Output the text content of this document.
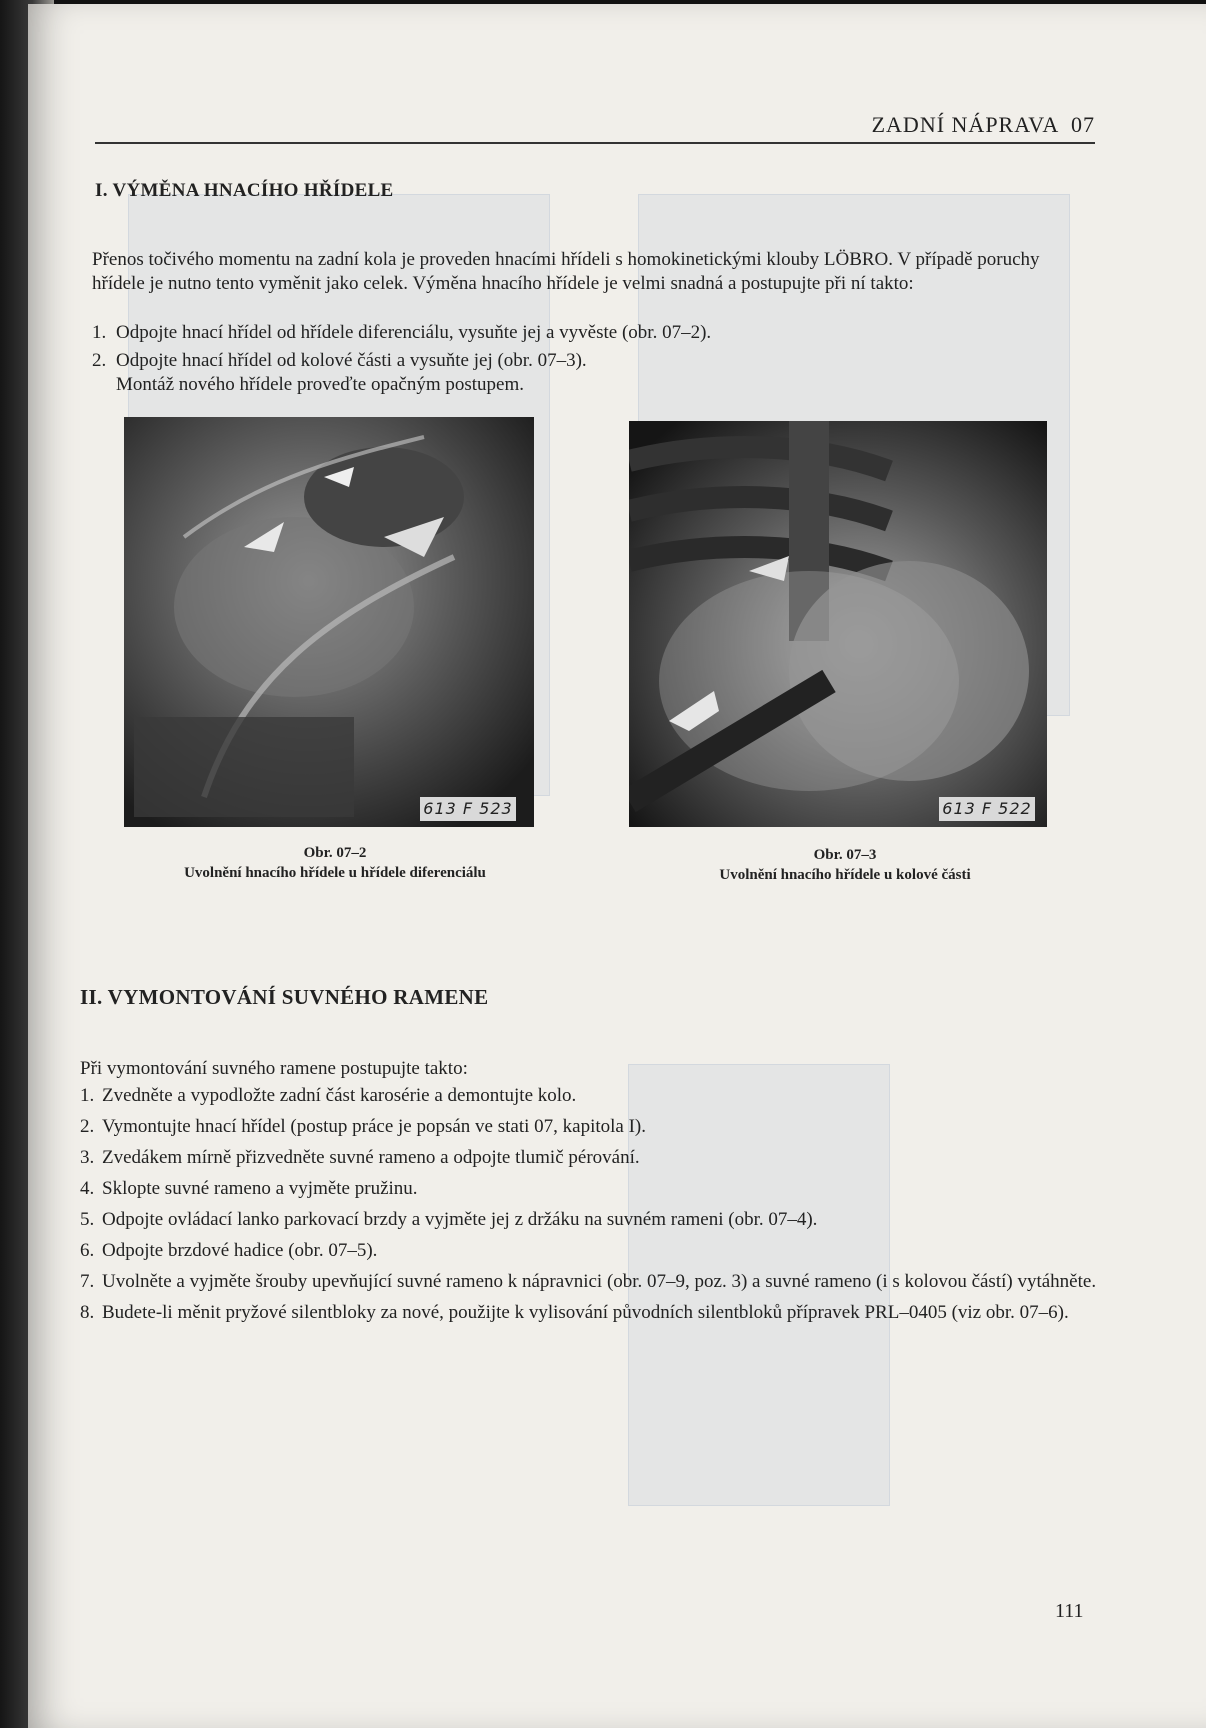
ZADNÍ NÁPRAVA  07
I. VÝMĚNA HNACÍHO HŘÍDELE
Přenos točivého momentu na zadní kola je proveden hnacími hřídeli s homokinetickými klouby LÖBRO. V případě poruchy hřídele je nutno tento vyměnit jako celek. Výměna hnacího hřídele je velmi snadná a postupujte při ní takto:
1. Odpojte hnací hřídel od hřídele diferenciálu, vysuňte jej a vyvěste (obr. 07–2).
2. Odpojte hnací hřídel od kolové části a vysuňte jej (obr. 07–3).
Montáž nového hřídele proveďte opačným postupem.
613 F 523	613 F 522
Obr. 07–2
Uvolnění hnacího hřídele u hřídele diferenciálu
Obr. 07–3
Uvolnění hnacího hřídele u kolové části
II. VYMONTOVÁNÍ SUVNÉHO RAMENE
Při vymontování suvného ramene postupujte takto:
1. Zvedněte a vypodložte zadní část karosérie a demontujte kolo.
2. Vymontujte hnací hřídel (postup práce je popsán ve stati 07, kapitola I).
3. Zvedákem mírně přizvedněte suvné rameno a odpojte tlumič pérování.
4. Sklopte suvné rameno a vyjměte pružinu.
5. Odpojte ovládací lanko parkovací brzdy a vyjměte jej z držáku na suvném rameni (obr. 07–4).
6. Odpojte brzdové hadice (obr. 07–5).
7. Uvolněte a vyjměte šrouby upevňující suvné rameno k nápravnici (obr. 07–9, poz. 3) a suvné rameno (i s kolovou částí) vytáhněte.
8. Budete-li měnit pryžové silentbloky za nové, použijte k vylisování původních silentbloků přípravek PRL–0405 (viz obr. 07–6).
111
